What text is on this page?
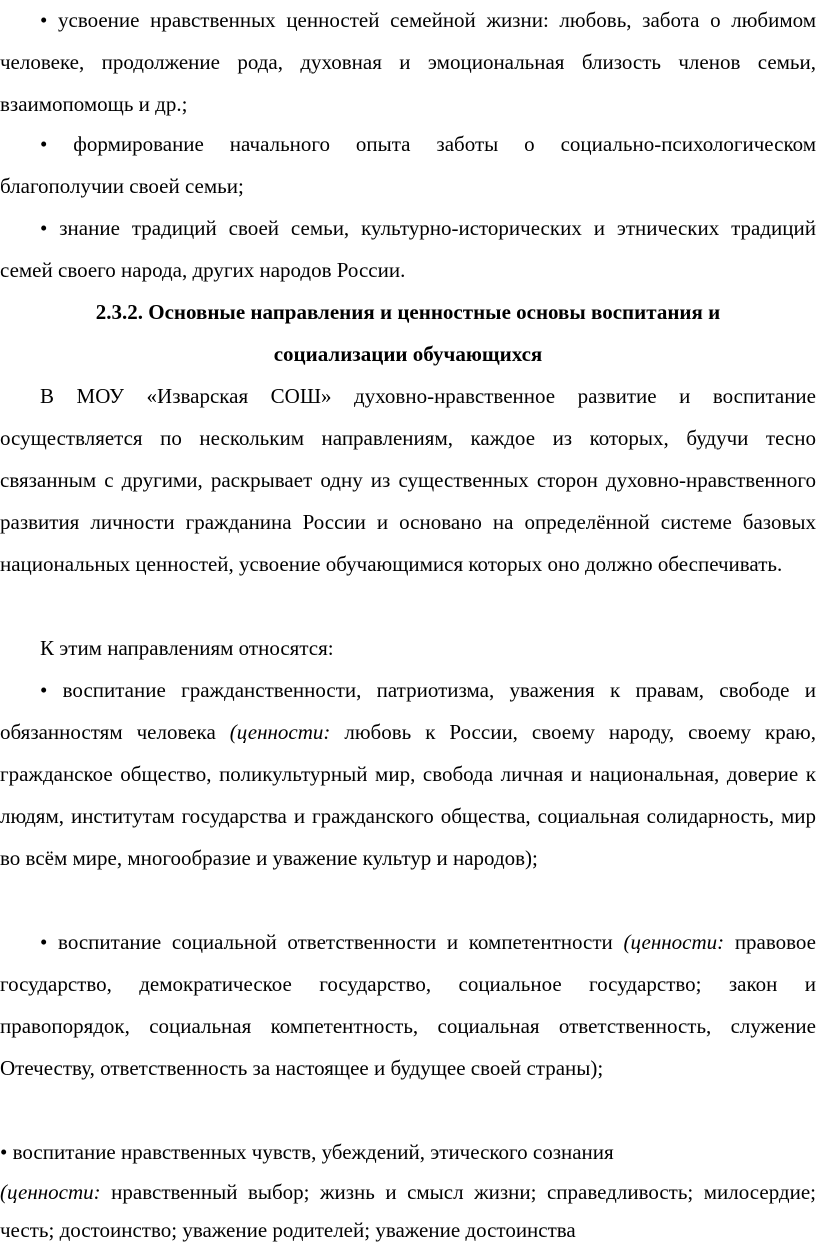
• усвоение нравственных ценностей семейной жизни: любовь, забота о любимом человеке, продолжение рода, духовная и эмоциональная близость членов семьи, взаимопомощь и др.;

• формирование начального опыта заботы о социально-психологическом благополучии своей семьи;

• знание традиций своей семьи, культурно-исторических и этнических традиций семей своего народа, других народов России.

2.3.2. Основные направления и ценностные основы воспитания и

социализации обучающихся

В МОУ «Изварская СОШ» духовно-нравственное развитие и воспитание осуществляется по нескольким направлениям, каждое из которых, будучи тесно связанным с другими, раскрывает одну из существенных сторон духовно-нравственного развития личности гражданина России и основано на определённой системе базовых национальных ценностей, усвоение обучающимися которых оно должно обеспечивать.

К этим направлениям относятся:

• воспитание гражданственности, патриотизма, уважения к правам, свободе и обязанностям человека (ценности: любовь к России, своему народу, своему краю, гражданское общество, поликультурный мир, свобода личная и национальная, доверие к людям, институтам государства и гражданского общества, социальная солидарность, мир во всём мире, многообразие и уважение культур и народов);

• воспитание социальной ответственности и компетентности (ценности: правовое государство, демократическое государство, социальное государство; закон и правопорядок, социальная компетентность, социальная ответственность, служение Отечеству, ответственность за настоящее и будущее своей страны);

• воспитание нравственных чувств, убеждений, этического сознания

(ценности: нравственный выбор; жизнь и смысл жизни; справедливость; милосердие; честь; достоинство; уважение родителей; уважение достоинства
